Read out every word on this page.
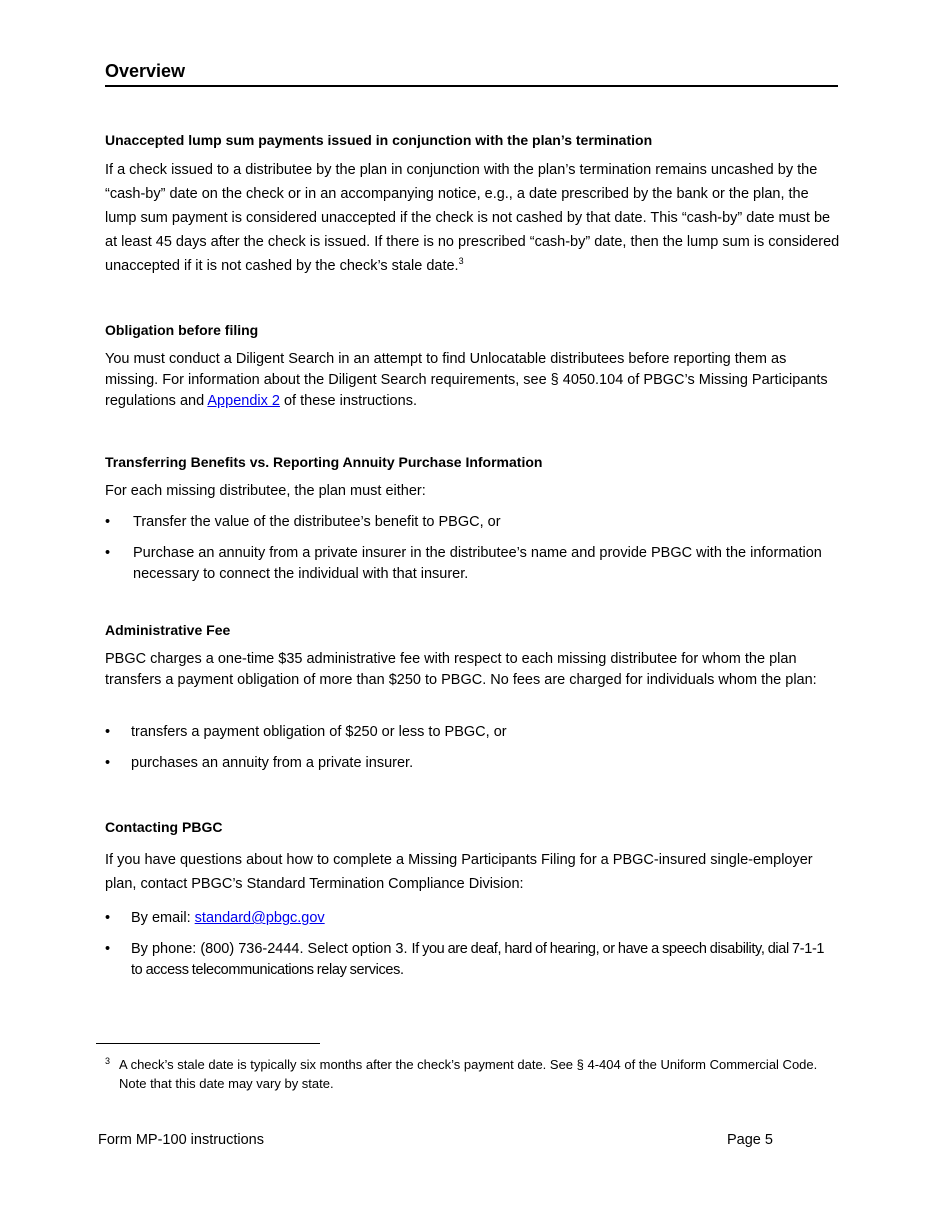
Overview
Unaccepted lump sum payments issued in conjunction with the plan’s termination

If a check issued to a distributee by the plan in conjunction with the plan’s termination remains uncashed by the “cash-by” date on the check or in an accompanying notice, e.g., a date prescribed by the bank or the plan, the lump sum payment is considered unaccepted if the check is not cashed by that date. This “cash-by” date must be at least 45 days after the check is issued. If there is no prescribed “cash-by” date, then the lump sum is considered unaccepted if it is not cashed by the check’s stale date.$^3$

Obligation before filing

You must conduct a Diligent Search in an attempt to find Unlocatable distributees before reporting them as missing. For information about the Diligent Search requirements, see § 4050.104 of PBGC’s Missing Participants regulations and Appendix 2 of these instructions.

Transferring Benefits vs. Reporting Annuity Purchase Information

For each missing distributee, the plan must either:

•	Transfer the value of the distributee’s benefit to PBGC, or
•	Purchase an annuity from a private insurer in the distributee’s name and provide PBGC with the information necessary to connect the individual with that insurer.
Administrative Fee

PBGC charges a one-time $35 administrative fee with respect to each missing distributee for whom the plan transfers a payment obligation of more than $250 to PBGC. No fees are charged for individuals whom the plan:

•	transfers a payment obligation of $250 or less to PBGC, or
•	purchases an annuity from a private insurer.
Contacting PBGC

If you have questions about how to complete a Missing Participants Filing for a PBGC-insured single-employer plan, contact PBGC’s Standard Termination Compliance Division:

•	By email: standard@pbgc.gov
•	By phone: (800) 736-2444. Select option 3. If you are deaf, hard of hearing, or have a speech disability, dial 7-1-1 to access telecommunications relay services.
3 A check’s stale date is typically six months after the check’s payment date. See § 4-404 of the Uniform Commercial Code. Note that this date may vary by state.
Form MP-100 instructions	Page 5
